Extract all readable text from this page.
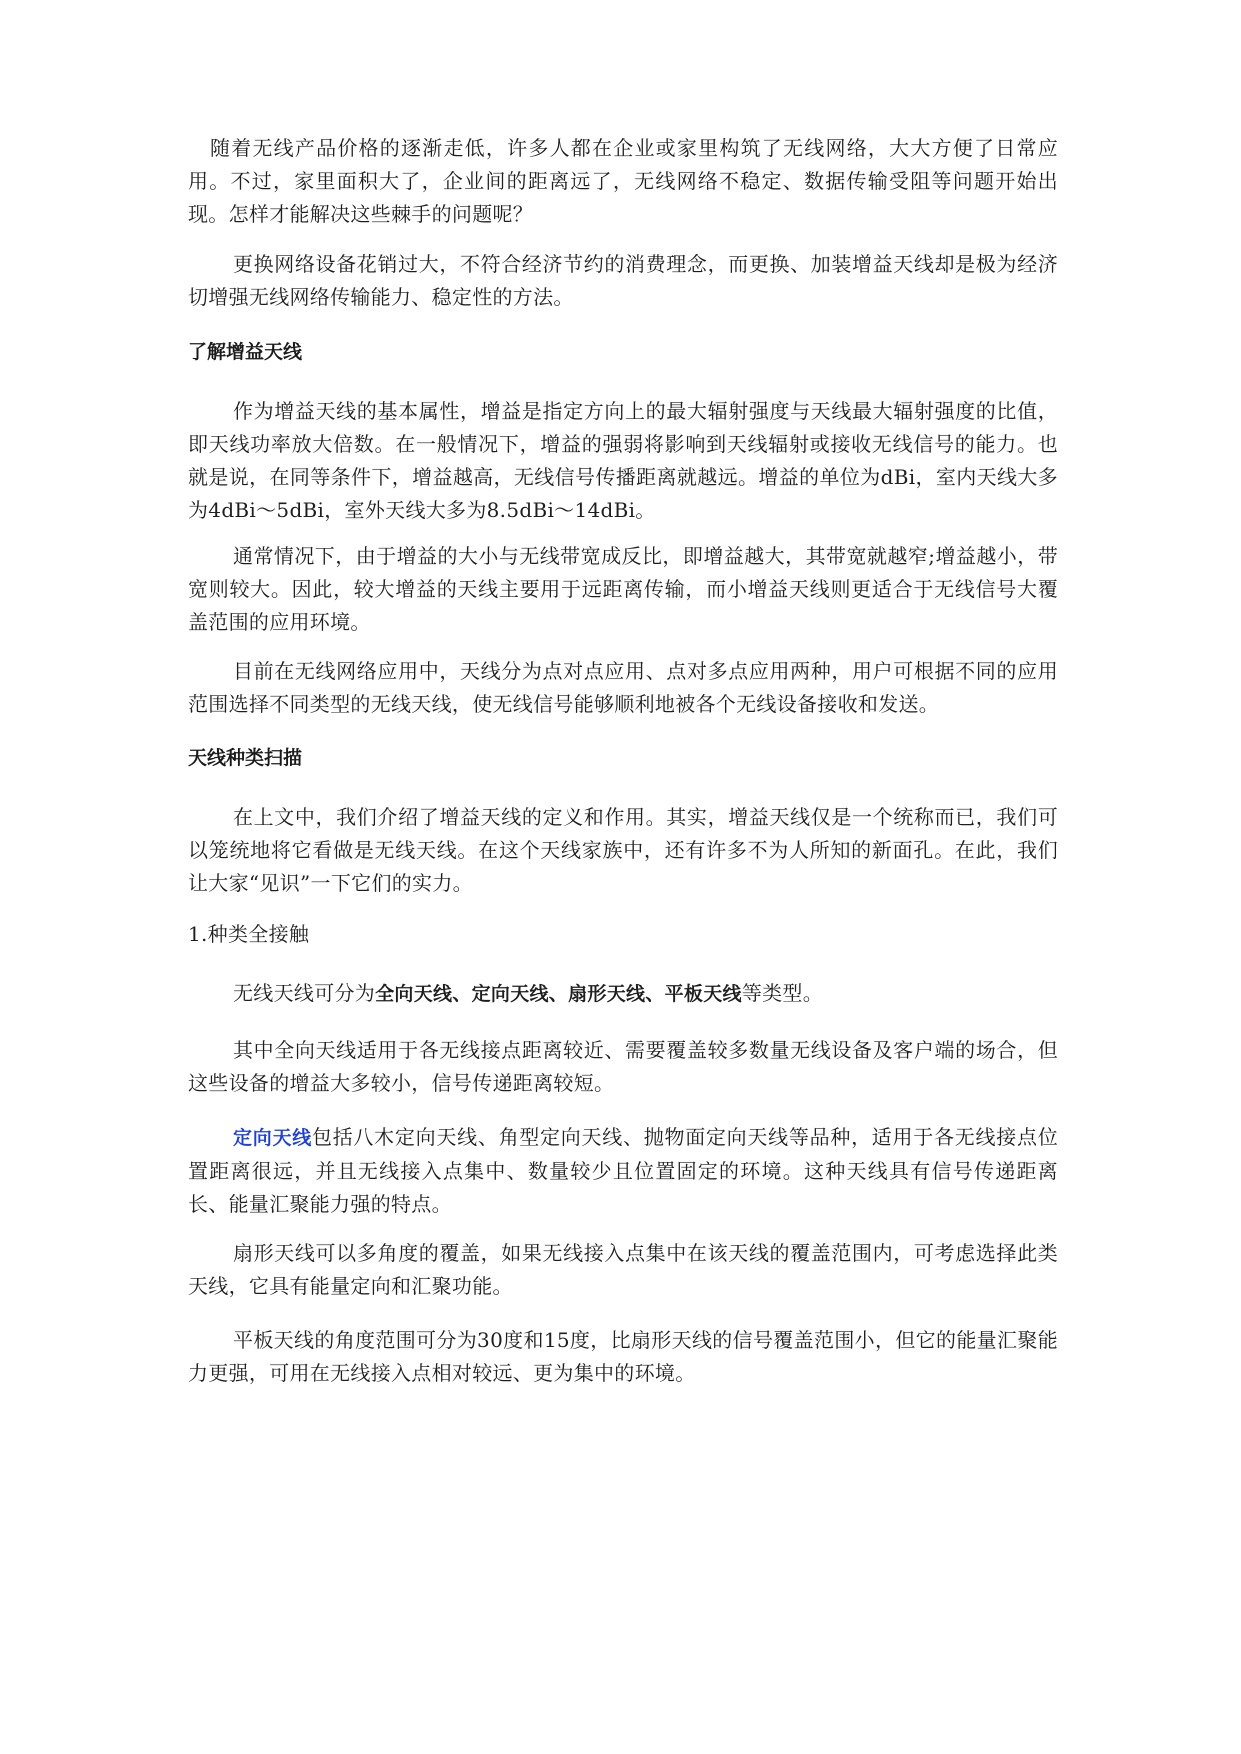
随着无线产品价格的逐渐走低，许多人都在企业或家里构筑了无线网络，大大方便了日常应用。不过，家里面积大了，企业间的距离远了，无线网络不稳定、数据传输受阻等问题开始出现。怎样才能解决这些棘手的问题呢？

更换网络设备花销过大，不符合经济节约的消费理念，而更换、加装增益天线却是极为经济切增强无线网络传输能力、稳定性的方法。

了解增益天线

作为增益天线的基本属性，增益是指定方向上的最大辐射强度与天线最大辐射强度的比值，即天线功率放大倍数。在一般情况下，增益的强弱将影响到天线辐射或接收无线信号的能力。也就是说，在同等条件下，增益越高，无线信号传播距离就越远。增益的单位为dBi，室内天线大多为4dBi～5dBi，室外天线大多为8.5dBi～14dBi。

通常情况下，由于增益的大小与无线带宽成反比，即增益越大，其带宽就越窄;增益越小，带宽则较大。因此，较大增益的天线主要用于远距离传输，而小增益天线则更适合于无线信号大覆盖范围的应用环境。

目前在无线网络应用中，天线分为点对点应用、点对多点应用两种，用户可根据不同的应用范围选择不同类型的无线天线，使无线信号能够顺利地被各个无线设备接收和发送。

天线种类扫描

在上文中，我们介绍了增益天线的定义和作用。其实，增益天线仅是一个统称而已，我们可以笼统地将它看做是无线天线。在这个天线家族中，还有许多不为人所知的新面孔。在此，我们让大家“见识”一下它们的实力。

1.种类全接触

无线天线可分为全向天线、定向天线、扇形天线、平板天线等类型。

其中全向天线适用于各无线接点距离较近、需要覆盖较多数量无线设备及客户端的场合，但这些设备的增益大多较小，信号传递距离较短。

定向天线包括八木定向天线、角型定向天线、抛物面定向天线等品种，适用于各无线接点位置距离很远，并且无线接入点集中、数量较少且位置固定的环境。这种天线具有信号传递距离长、能量汇聚能力强的特点。

扇形天线可以多角度的覆盖，如果无线接入点集中在该天线的覆盖范围内，可考虑选择此类天线，它具有能量定向和汇聚功能。

平板天线的角度范围可分为30度和15度，比扇形天线的信号覆盖范围小，但它的能量汇聚能力更强，可用在无线接入点相对较远、更为集中的环境。
